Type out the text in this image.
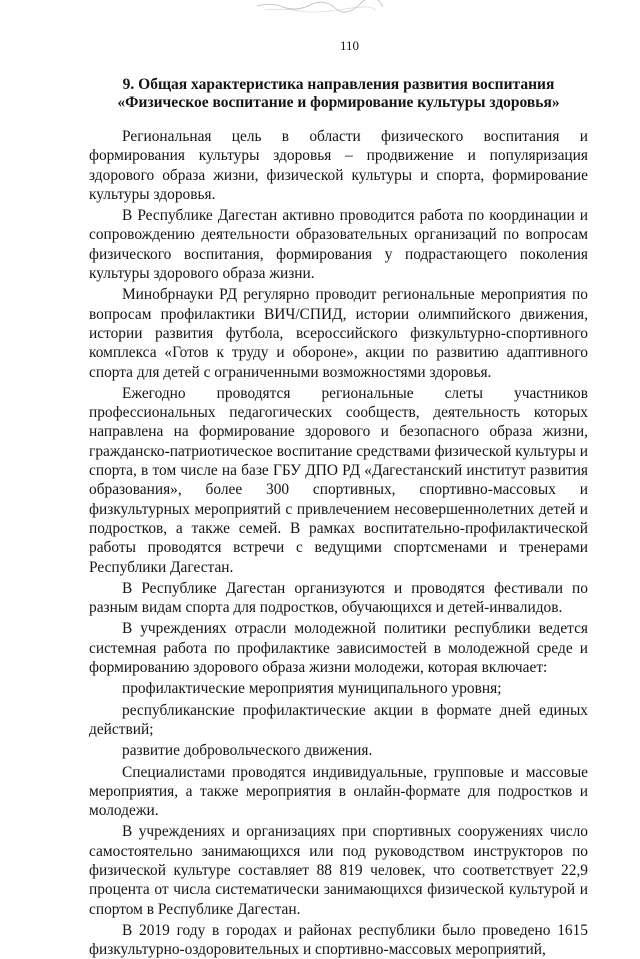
110
9. Общая характеристика направления развития воспитания
«Физическое воспитание и формирование культуры здоровья»

Региональная цель в области физического воспитания и формирования культуры здоровья – продвижение и популяризация здорового образа жизни, физической культуры и спорта, формирование культуры здоровья.

В Республике Дагестан активно проводится работа по координации и сопровождению деятельности образовательных организаций по вопросам физического воспитания, формирования у подрастающего поколения культуры здорового образа жизни.

Минобрнауки РД регулярно проводит региональные мероприятия по вопросам профилактики ВИЧ/СПИД, истории олимпийского движения, истории развития футбола, всероссийского физкультурно-спортивного комплекса «Готов к труду и обороне», акции по развитию адаптивного спорта для детей с ограниченными возможностями здоровья.

Ежегодно проводятся региональные слеты участников профессиональных педагогических сообществ, деятельность которых направлена на формирование здорового и безопасного образа жизни, гражданско-патриотическое воспитание средствами физической культуры и спорта, в том числе на базе ГБУ ДПО РД «Дагестанский институт развития образования», более 300 спортивных, спортивно-массовых и физкультурных мероприятий с привлечением несовершеннолетних детей и подростков, а также семей. В рамках воспитательно-профилактической работы проводятся встречи с ведущими спортсменами и тренерами Республики Дагестан.

В Республике Дагестан организуются и проводятся фестивали по разным видам спорта для подростков, обучающихся и детей-инвалидов.

В учреждениях отрасли молодежной политики республики ведется системная работа по профилактике зависимостей в молодежной среде и формированию здорового образа жизни молодежи, которая включает:

профилактические мероприятия муниципального уровня;

республиканские профилактические акции в формате дней единых действий;

развитие добровольческого движения.

Специалистами проводятся индивидуальные, групповые и массовые мероприятия, а также мероприятия в онлайн-формате для подростков и молодежи.

В учреждениях и организациях при спортивных сооружениях число самостоятельно занимающихся или под руководством инструкторов по физической культуре составляет 88 819 человек, что соответствует 22,9 процента от числа систематически занимающихся физической культурой и спортом в Республике Дагестан.

В 2019 году в городах и районах республики было проведено 1615 физкультурно-оздоровительных и спортивно-массовых мероприятий,
